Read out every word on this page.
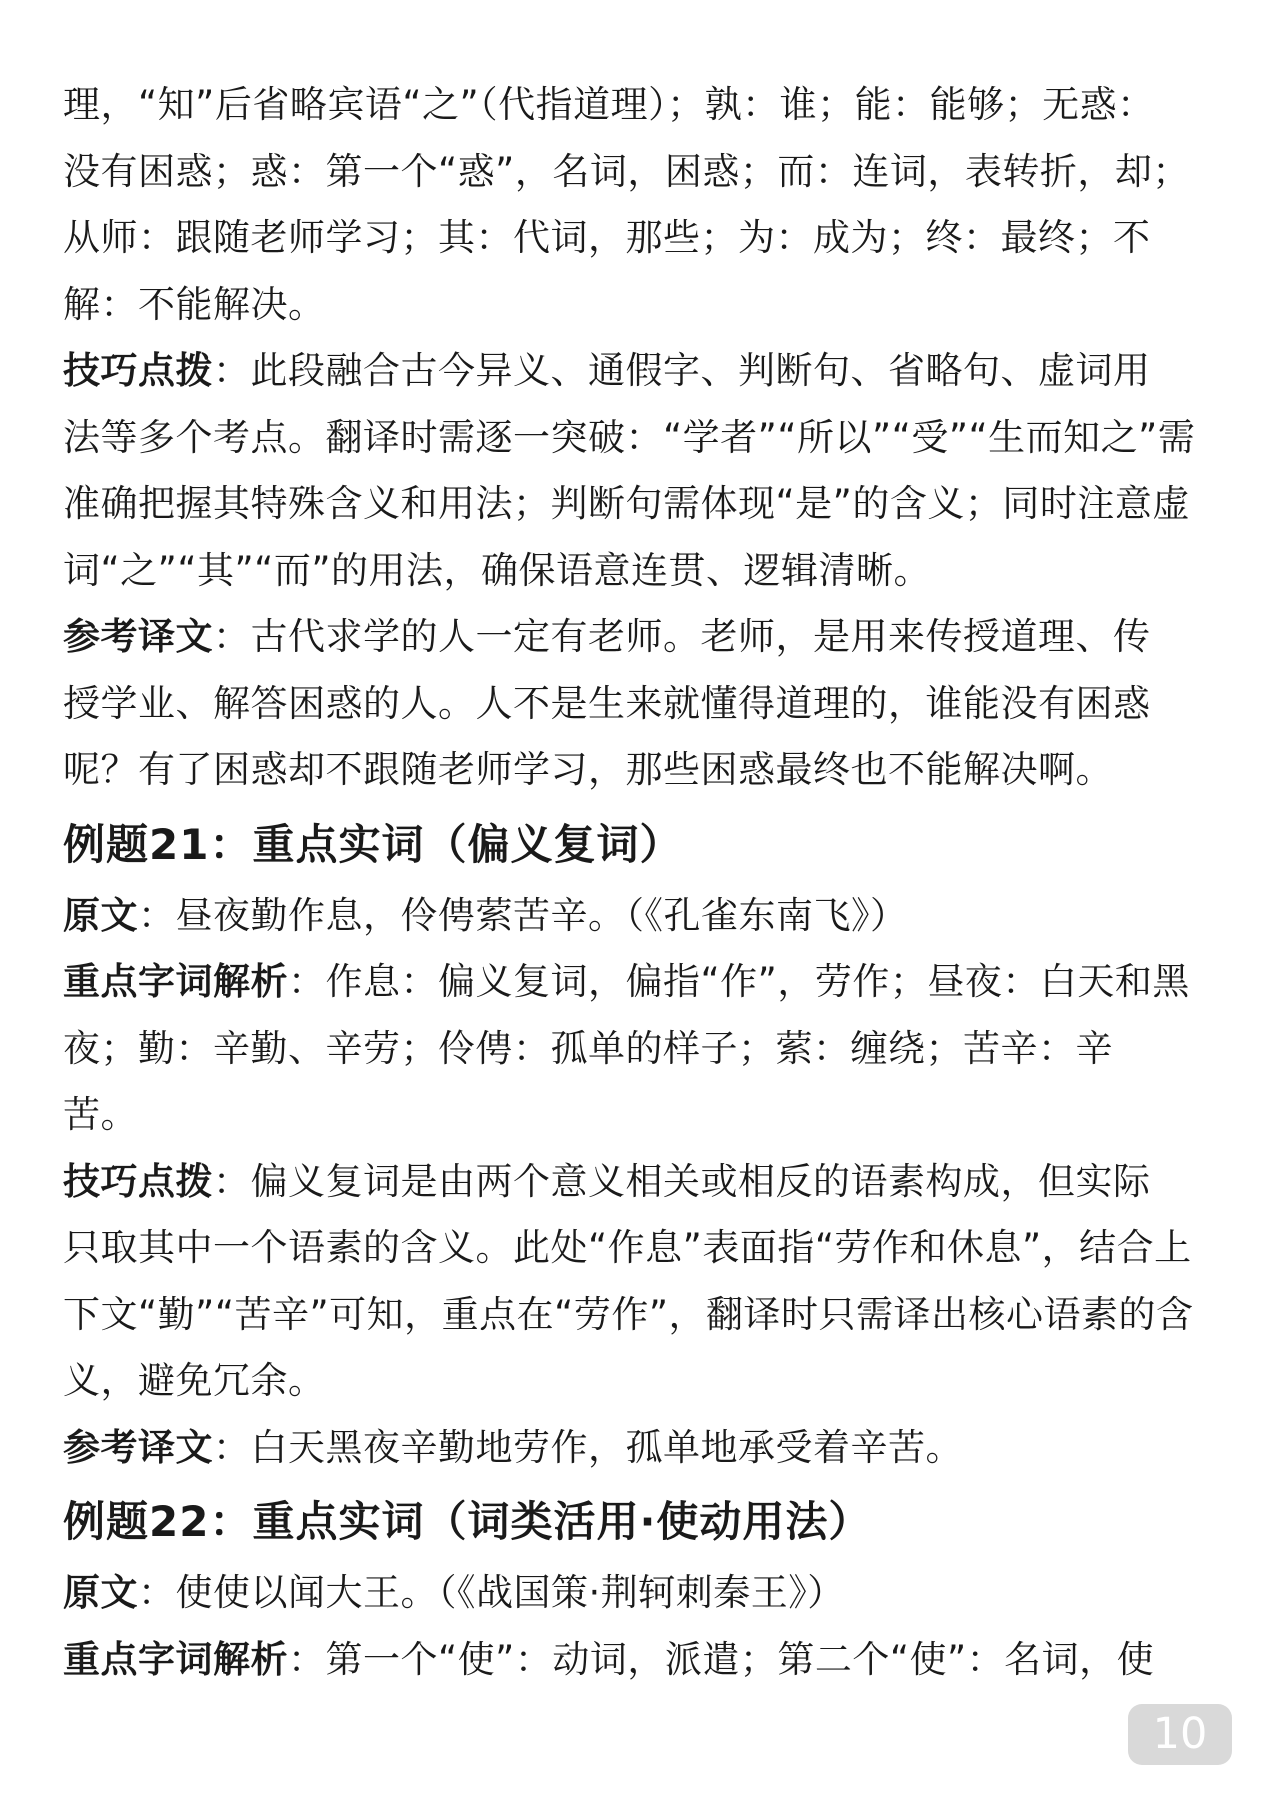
理，“知”后省略宾语“之”（代指道理）；孰：谁；能：能够；无惑：

没有困惑；惑：第一个“惑”，名词，困惑；而：连词，表转折，却；

从师：跟随老师学习；其：代词，那些；为：成为；终：最终；不

解：不能解决。

技巧点拨：此段融合古今异义、通假字、判断句、省略句、虚词用

法等多个考点。翻译时需逐一突破：“学者”“所以”“受”“生而知之”需

准确把握其特殊含义和用法；判断句需体现“是”的含义；同时注意虚

词“之”“其”“而”的用法，确保语意连贯、逻辑清晰。

参考译文：古代求学的人一定有老师。老师，是用来传授道理、传

授学业、解答困惑的人。人不是生来就懂得道理的，谁能没有困惑

呢？有了困惑却不跟随老师学习，那些困惑最终也不能解决啊。

例题21：重点实词（偏义复词）

原文：昼夜勤作息，伶俜萦苦辛。（《孔雀东南飞》）

重点字词解析：作息：偏义复词，偏指“作”，劳作；昼夜：白天和黑

夜；勤：辛勤、辛劳；伶俜：孤单的样子；萦：缠绕；苦辛：辛

苦。

技巧点拨：偏义复词是由两个意义相关或相反的语素构成，但实际

只取其中一个语素的含义。此处“作息”表面指“劳作和休息”，结合上

下文“勤”“苦辛”可知，重点在“劳作”，翻译时只需译出核心语素的含

义，避免冗余。

参考译文：白天黑夜辛勤地劳作，孤单地承受着辛苦。

例题22：重点实词（词类活用·使动用法）

原文：使使以闻大王。（《战国策·荆轲刺秦王》）

重点字词解析：第一个“使”：动词，派遣；第二个“使”：名词，使

10
